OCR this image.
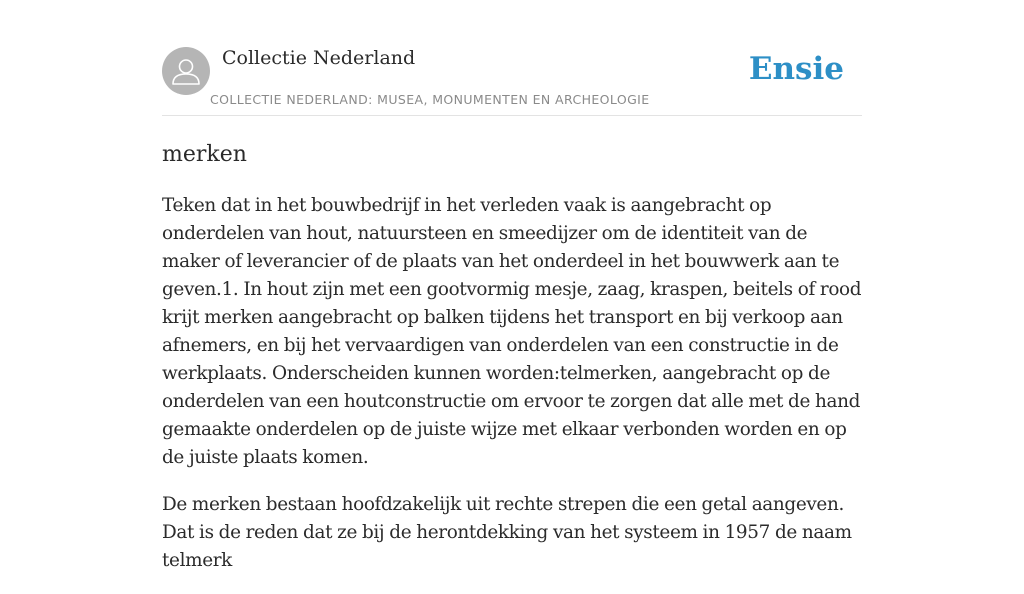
Collectie Nederland
COLLECTIE NEDERLAND: MUSEA, MONUMENTEN EN ARCHEOLOGIE
Ensie
merken

Teken dat in het bouwbedrijf in het verleden vaak is aangebracht op onderdelen van hout, natuursteen en smeedijzer om de identiteit van de maker of leverancier of de plaats van het onderdeel in het bouwwerk aan te geven.1. In hout zijn met een gootvormig mesje, zaag, kraspen, beitels of rood krijt merken aangebracht op balken tijdens het transport en bij verkoop aan afnemers, en bij het vervaardigen van onderdelen van een constructie in de werkplaats. Onderscheiden kunnen worden:telmerken, aangebracht op de onderdelen van een houtconstructie om ervoor te zorgen dat alle met de hand gemaakte onderdelen op de juiste wijze met elkaar verbonden worden en op de juiste plaats komen.

De merken bestaan hoofdzakelijk uit rechte strepen die een getal aangeven. Dat is de reden dat ze bij de herontdekking van het systeem in 1957 de naam telmerk
